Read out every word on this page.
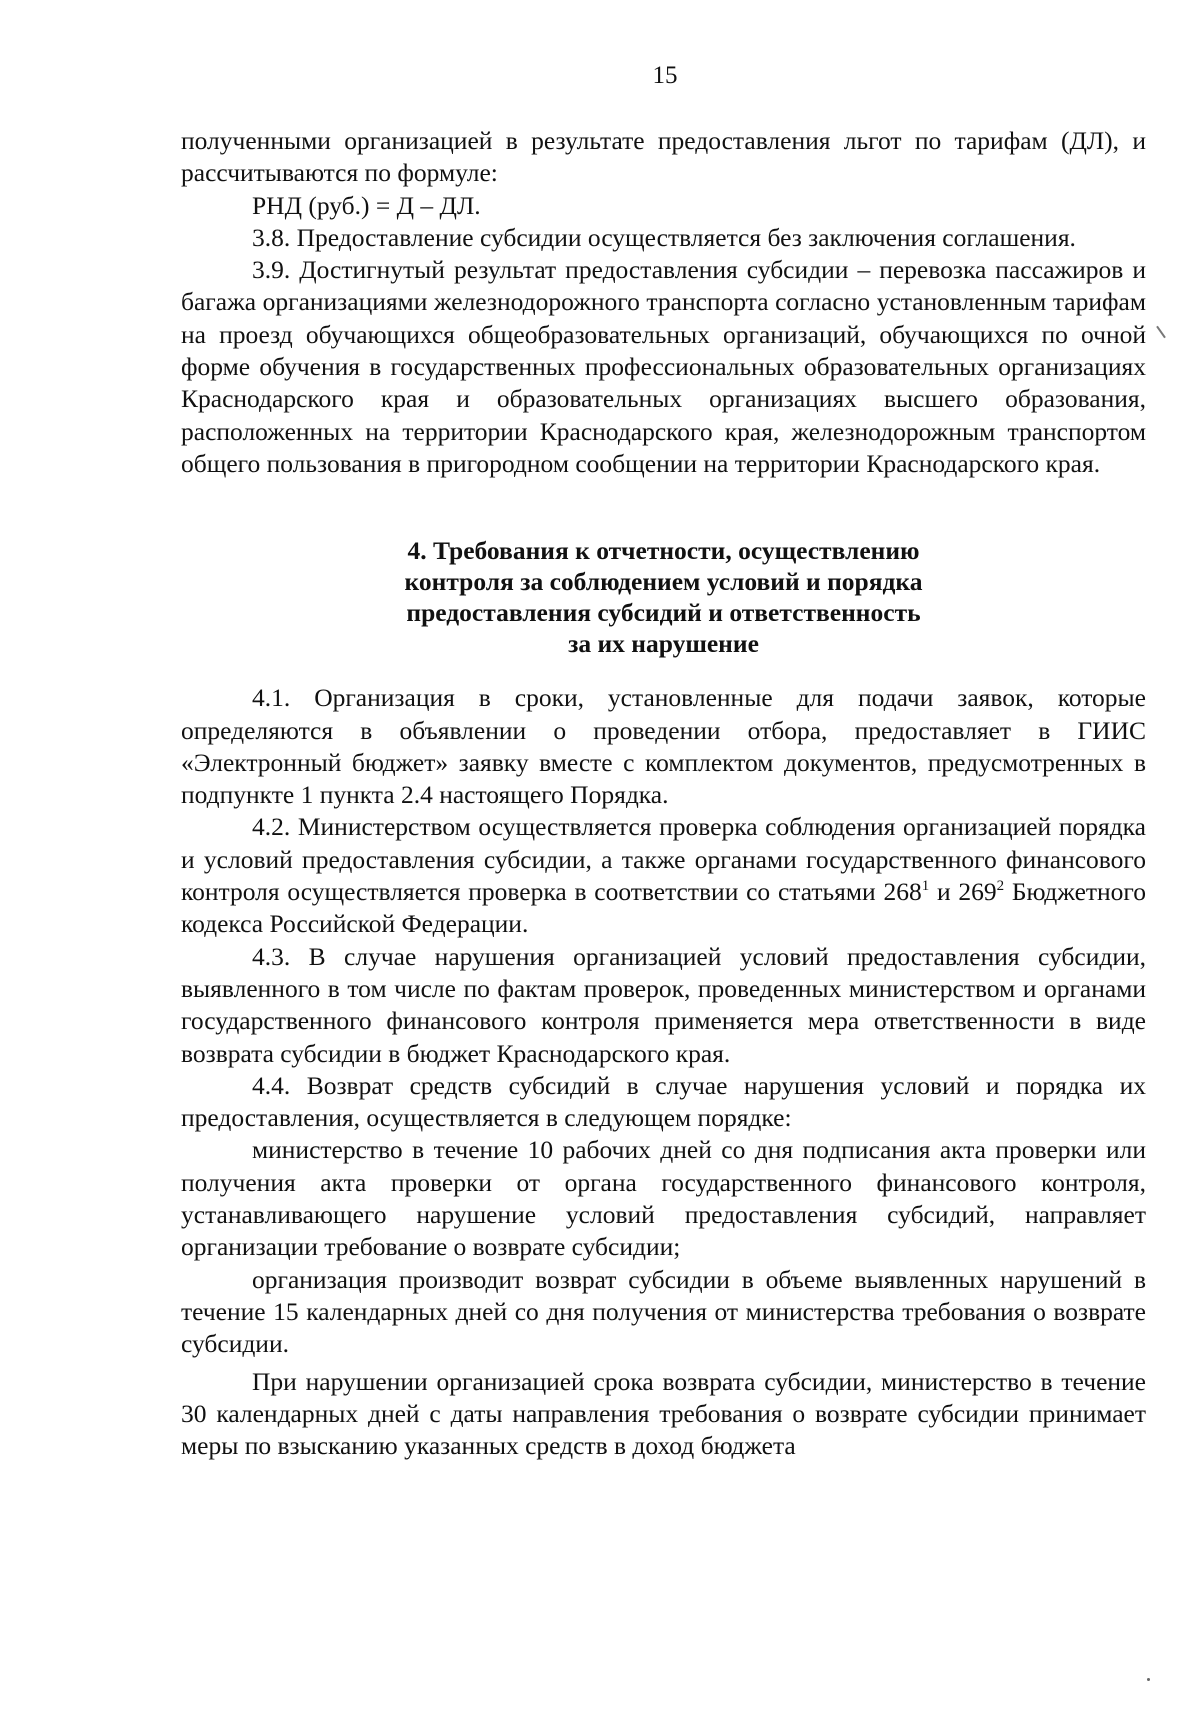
15

полученными организацией в результате предоставления льгот по тарифам (ДЛ), и рассчитываются по формуле:

РНД (руб.) = Д – ДЛ.

3.8. Предоставление субсидии осуществляется без заключения соглашения.

3.9. Достигнутый результат предоставления субсидии – перевозка пассажиров и багажа организациями железнодорожного транспорта согласно установленным тарифам на проезд обучающихся общеобразовательных организаций, обучающихся по очной форме обучения в государственных профессиональных образовательных организациях Краснодарского края и образовательных организациях высшего образования, расположенных на территории Краснодарского края, железнодорожным транспортом общего пользования в пригородном сообщении на территории Краснодарского края.

4. Требования к отчетности, осуществлению
контроля за соблюдением условий и порядка
предоставления субсидий и ответственность
за их нарушение

4.1. Организация в сроки, установленные для подачи заявок, которые определяются в объявлении о проведении отбора, предоставляет в ГИИС «Электронный бюджет» заявку вместе с комплектом документов, предусмотренных в подпункте 1 пункта 2.4 настоящего Порядка.

4.2. Министерством осуществляется проверка соблюдения организацией порядка и условий предоставления субсидии, а также органами государственного финансового контроля осуществляется проверка в соответствии со статьями $268^1$ и $269^2$ Бюджетного кодекса Российской Федерации.

4.3. В случае нарушения организацией условий предоставления субсидии, выявленного в том числе по фактам проверок, проведенных министерством и органами государственного финансового контроля применяется мера ответственности в виде возврата субсидии в бюджет Краснодарского края.

4.4. Возврат средств субсидий в случае нарушения условий и порядка их предоставления, осуществляется в следующем порядке:

министерство в течение 10 рабочих дней со дня подписания акта проверки или получения акта проверки от органа государственного финансового контроля, устанавливающего нарушение условий предоставления субсидий, направляет организации требование о возврате субсидии;

организация производит возврат субсидии в объеме выявленных нарушений в течение 15 календарных дней со дня получения от министерства требования о возврате субсидии.

При нарушении организацией срока возврата субсидии, министерство в течение 30 календарных дней с даты направления требования о возврате субсидии принимает меры по взысканию указанных средств в доход бюджета
